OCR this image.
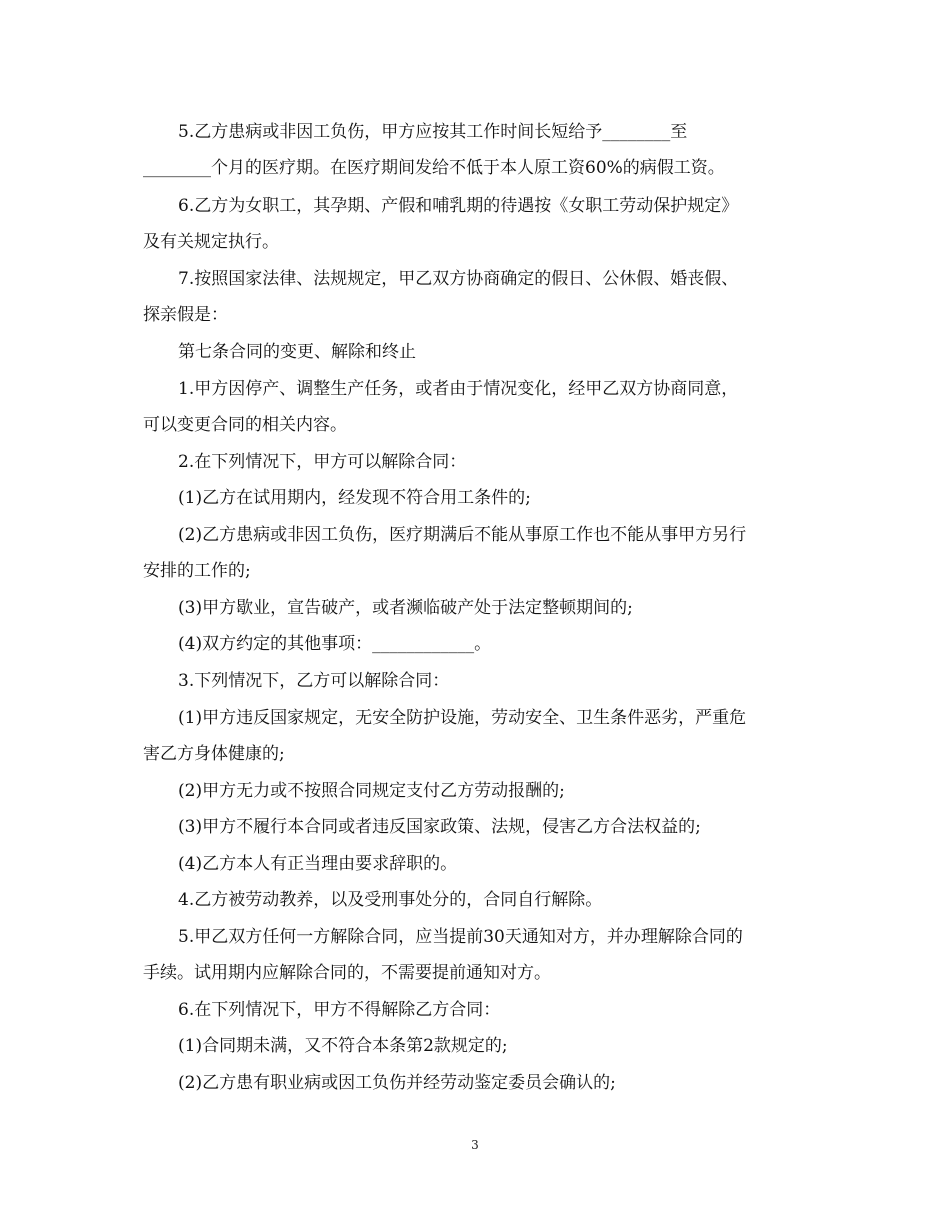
5.乙方患病或非因工负伤，甲方应按其工作时间长短给予________至
________个月的医疗期。在医疗期间发给不低于本人原工资60%的病假工资。
6.乙方为女职工，其孕期、产假和哺乳期的待遇按《女职工劳动保护规定》
及有关规定执行。
7.按照国家法律、法规规定，甲乙双方协商确定的假日、公休假、婚丧假、
探亲假是：
第七条合同的变更、解除和终止
1.甲方因停产、调整生产任务，或者由于情况变化，经甲乙双方协商同意，
可以变更合同的相关内容。
2.在下列情况下，甲方可以解除合同：
(1)乙方在试用期内，经发现不符合用工条件的;
(2)乙方患病或非因工负伤，医疗期满后不能从事原工作也不能从事甲方另行
安排的工作的;
(3)甲方歇业，宣告破产，或者濒临破产处于法定整顿期间的;
(4)双方约定的其他事项：____________。
3.下列情况下，乙方可以解除合同：
(1)甲方违反国家规定，无安全防护设施，劳动安全、卫生条件恶劣，严重危
害乙方身体健康的;
(2)甲方无力或不按照合同规定支付乙方劳动报酬的;
(3)甲方不履行本合同或者违反国家政策、法规，侵害乙方合法权益的;
(4)乙方本人有正当理由要求辞职的。
4.乙方被劳动教养，以及受刑事处分的，合同自行解除。
5.甲乙双方任何一方解除合同，应当提前30天通知对方，并办理解除合同的
手续。试用期内应解除合同的，不需要提前通知对方。
6.在下列情况下，甲方不得解除乙方合同：
(1)合同期未满，又不符合本条第2款规定的;
(2)乙方患有职业病或因工负伤并经劳动鉴定委员会确认的;
3
